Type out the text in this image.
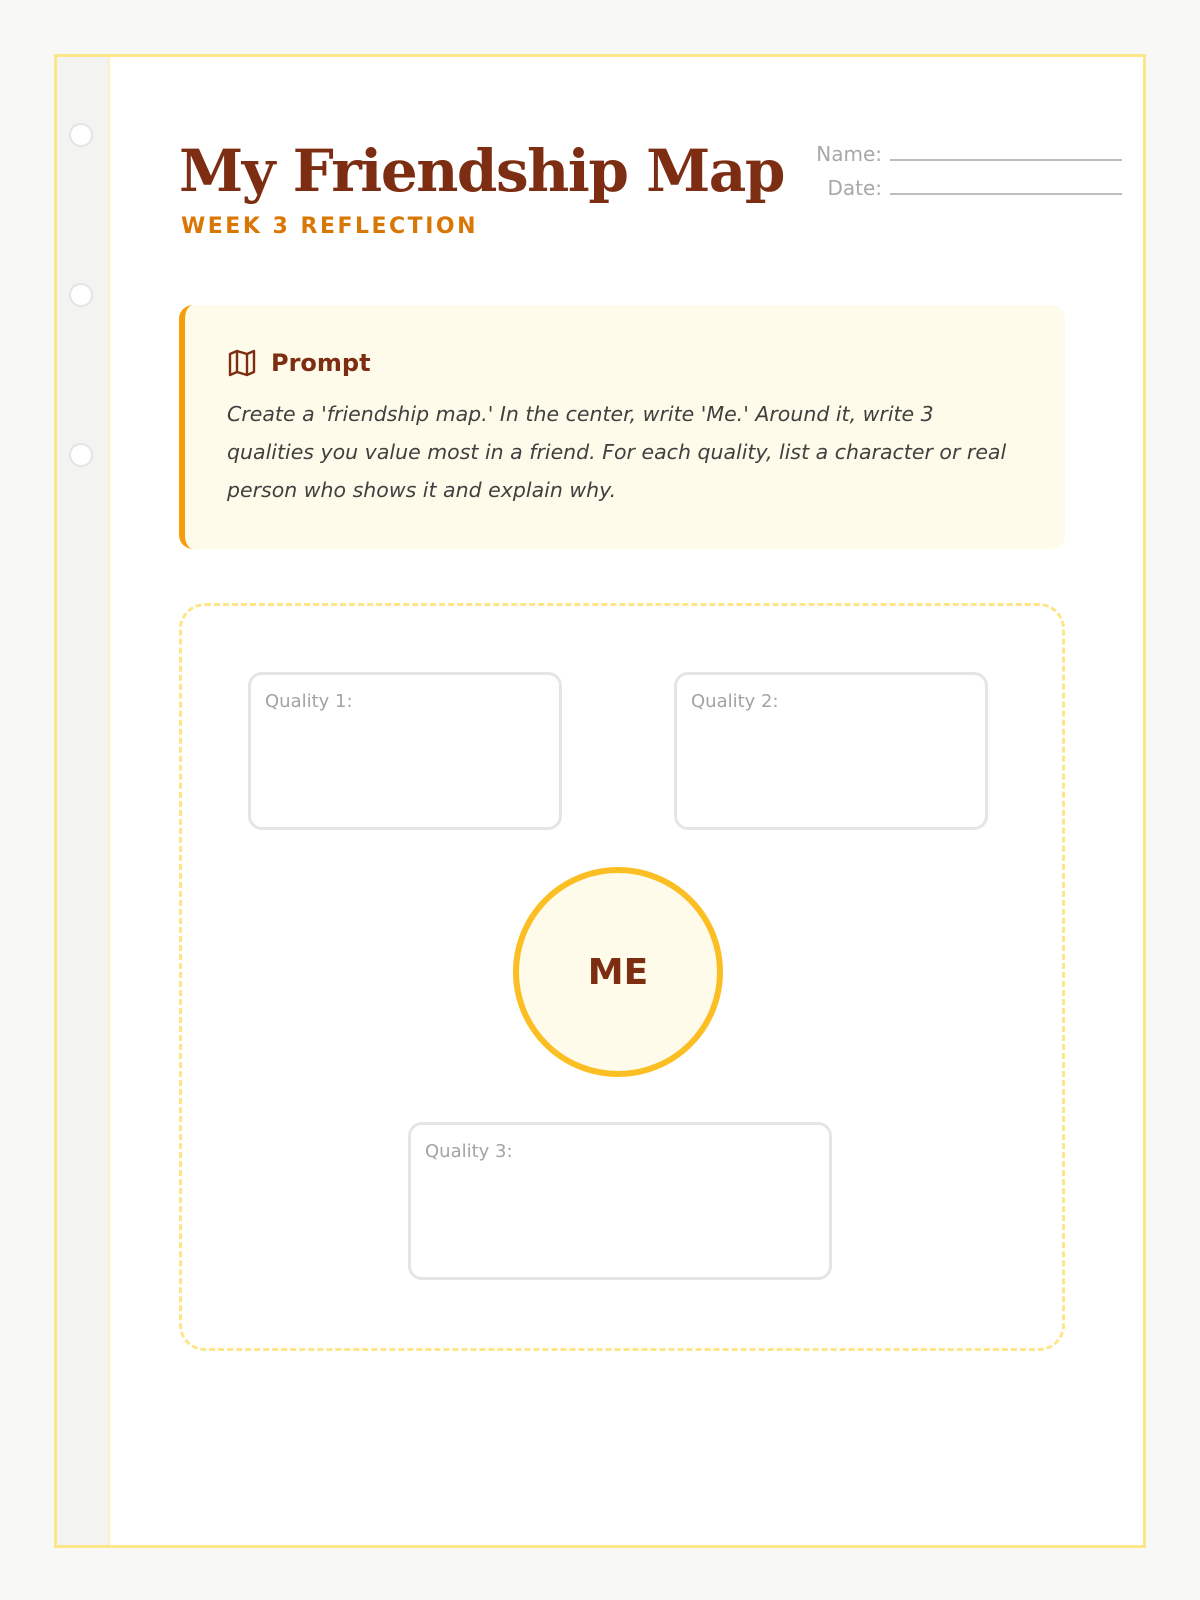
My Friendship Map
WEEK 3 REFLECTION
Name:
Date:
Prompt

Create a 'friendship map.' In the center, write 'Me.' Around it, write 3 qualities you value most in a friend. For each quality, list a character or real person who shows it and explain why.

Quality 1:	Quality 2:
ME
Quality 3:
